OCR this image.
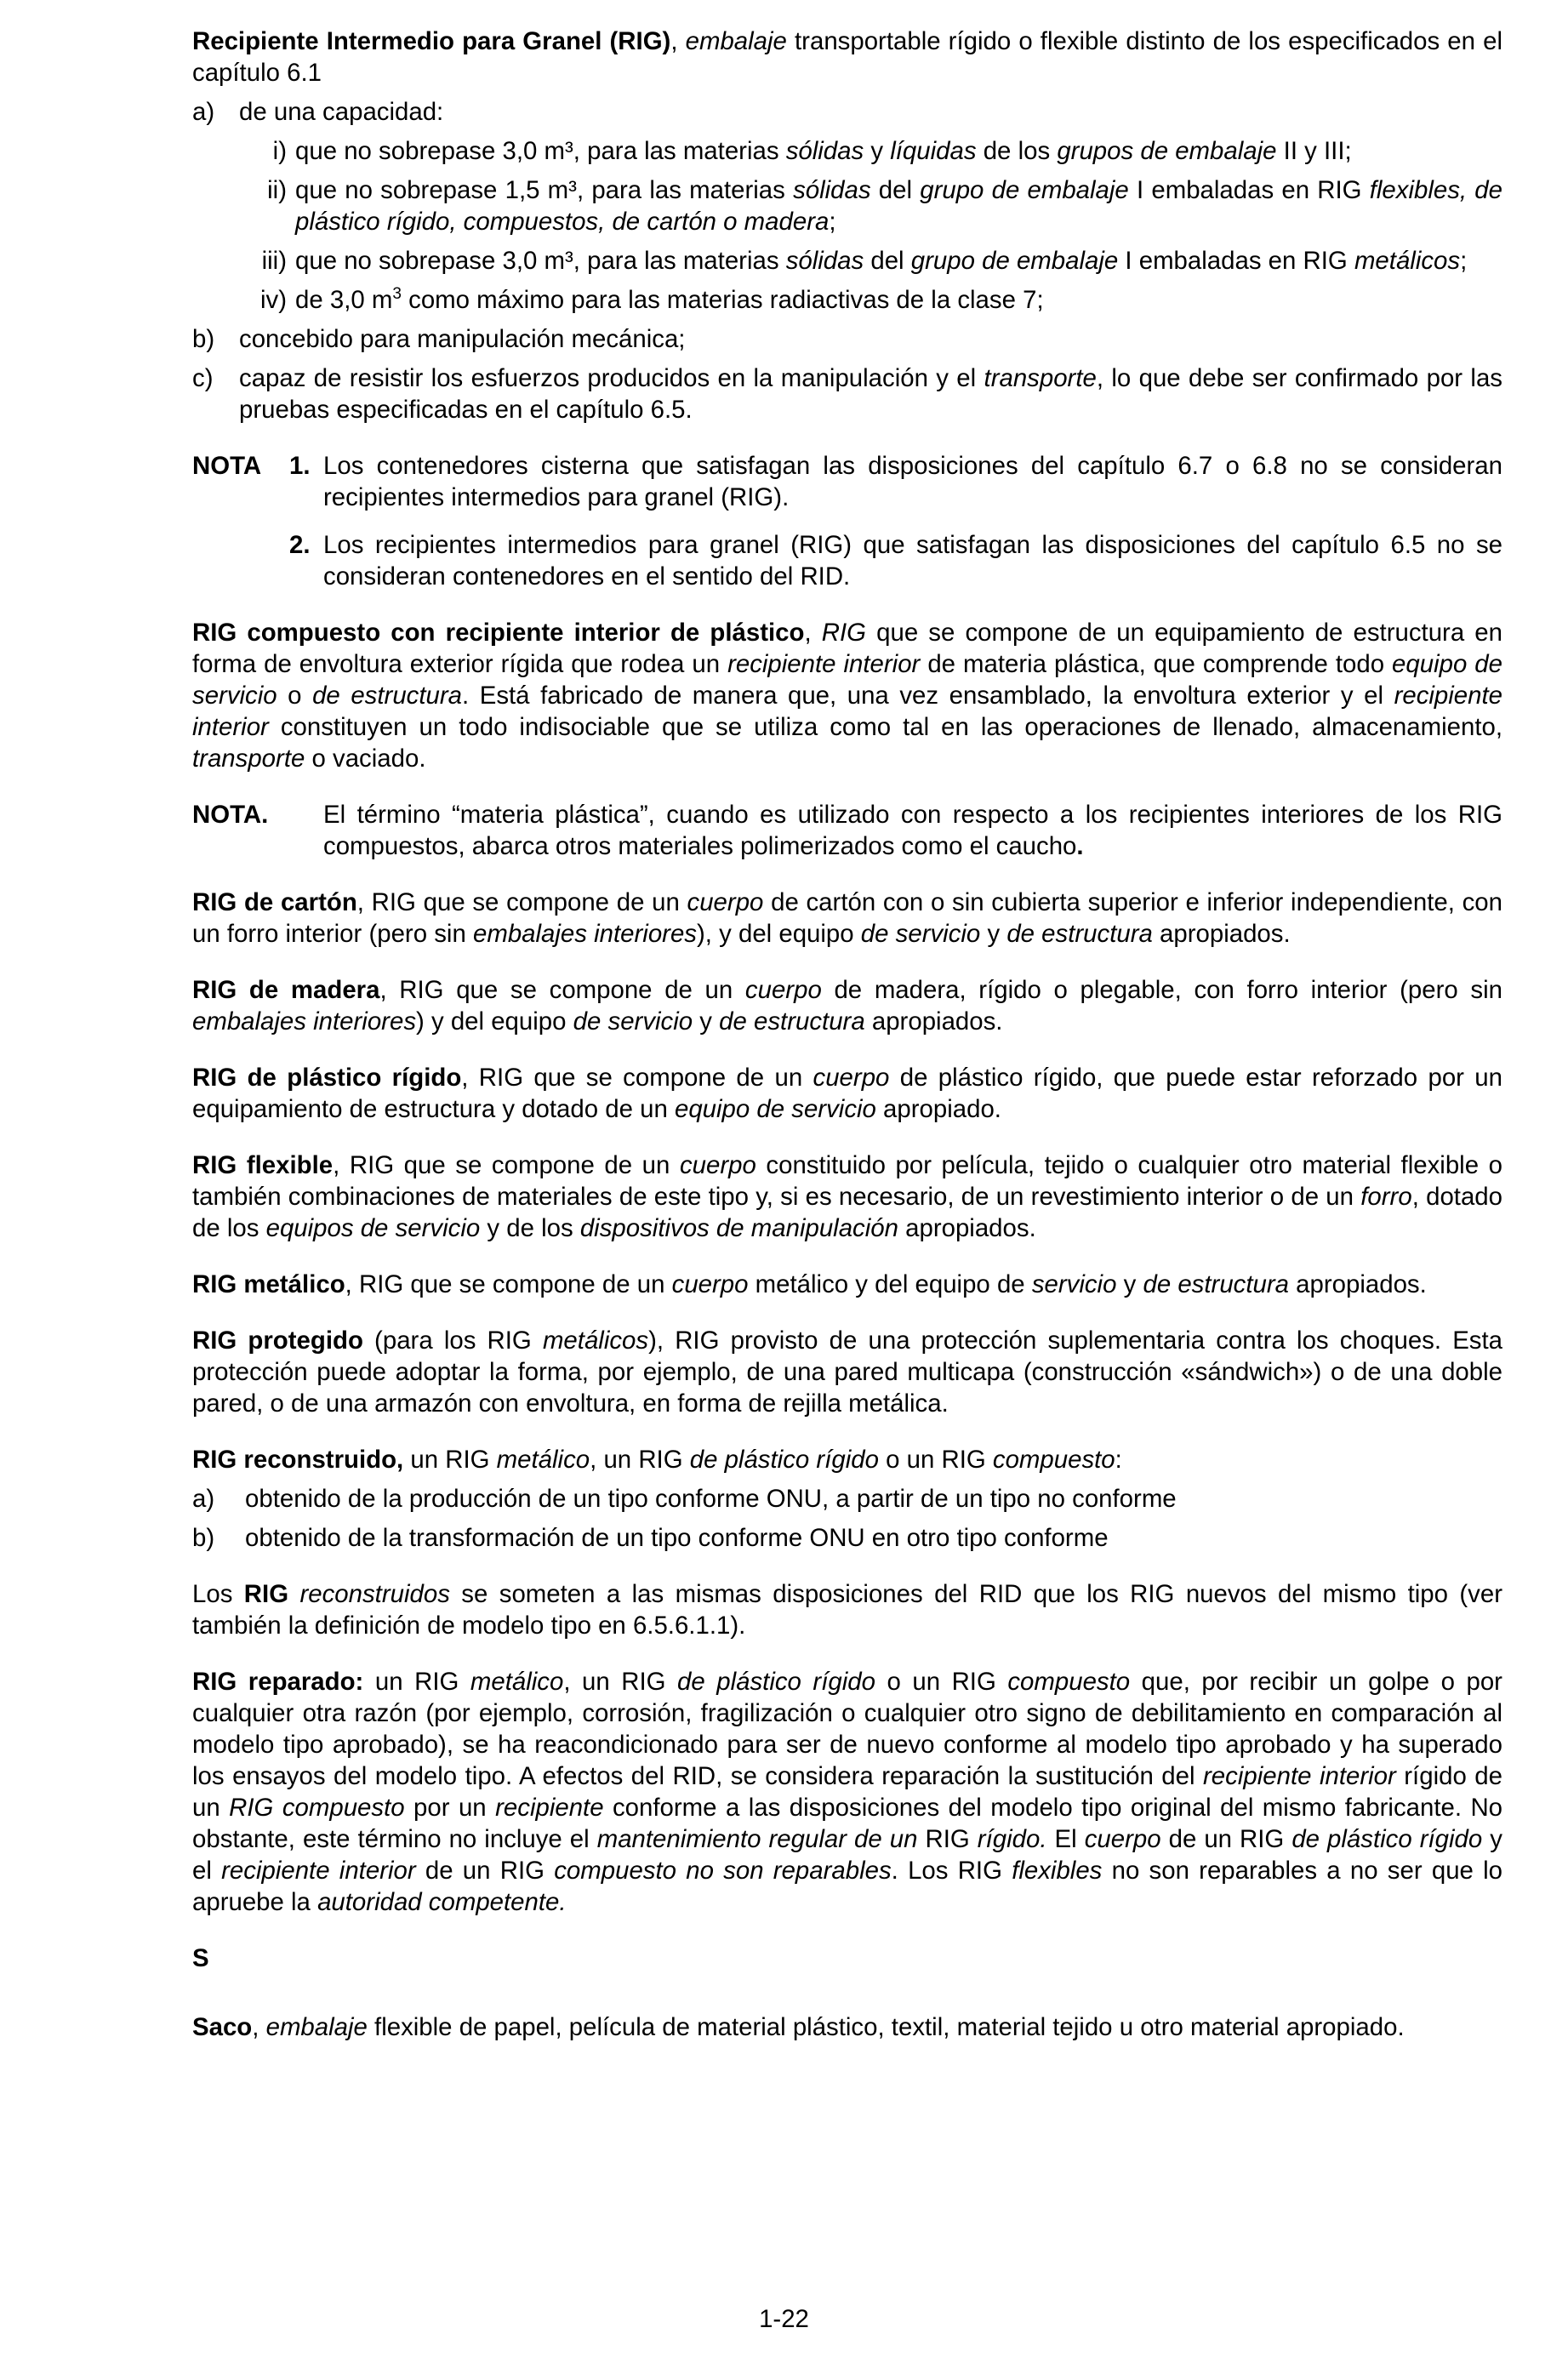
Recipiente Intermedio para Granel (RIG), embalaje transportable rígido o flexible distinto de los especificados en el capítulo 6.1

a) de una capacidad:
i) que no sobrepase 3,0 m³, para las materias sólidas y líquidas de los grupos de embalaje II y III;
ii) que no sobrepase 1,5 m³, para las materias sólidas del grupo de embalaje I embaladas en RIG flexibles, de plástico rígido, compuestos, de cartón o madera;
iii) que no sobrepase 3,0 m³, para las materias sólidas del grupo de embalaje I embaladas en RIG metálicos;
iv) de 3,0 $m^3$ como máximo para las materias radiactivas de la clase 7;
b) concebido para manipulación mecánica;
c)	capaz de resistir los esfuerzos producidos en la manipulación y el transporte, lo que debe ser confirmado por las pruebas especificadas en el capítulo 6.5.
NOTA	1. Los contenedores cisterna que satisfagan las disposiciones del capítulo 6.7 o 6.8 no se consideran recipientes intermedios para granel (RIG).
2. Los recipientes intermedios para granel (RIG) que satisfagan las disposiciones del capítulo 6.5 no se consideran contenedores en el sentido del RID.

RIG compuesto con recipiente interior de plástico, RIG que se compone de un equipamiento de estructura en forma de envoltura exterior rígida que rodea un recipiente interior de materia plástica, que comprende todo equipo de servicio o de estructura. Está fabricado de manera que, una vez ensamblado, la envoltura exterior y el recipiente interior constituyen un todo indisociable que se utiliza como tal en las operaciones de llenado, almacenamiento, transporte o vaciado.

NOTA.	El término “materia plástica”, cuando es utilizado con respecto a los recipientes interiores de los RIG compuestos, abarca otros materiales polimerizados como el caucho.

RIG de cartón, RIG que se compone de un cuerpo de cartón con o sin cubierta superior e inferior independiente, con un forro interior (pero sin embalajes interiores), y del equipo de servicio y de estructura apropiados.

RIG de madera, RIG que se compone de un cuerpo de madera, rígido o plegable, con forro interior (pero sin embalajes interiores) y del equipo de servicio y de estructura apropiados.

RIG de plástico rígido, RIG que se compone de un cuerpo de plástico rígido, que puede estar reforzado por un equipamiento de estructura y dotado de un equipo de servicio apropiado.

RIG flexible, RIG que se compone de un cuerpo constituido por película, tejido o cualquier otro material flexible o también combinaciones de materiales de este tipo y, si es necesario, de un revestimiento interior o de un forro, dotado de los equipos de servicio y de los dispositivos de manipulación apropiados.

RIG metálico, RIG que se compone de un cuerpo metálico y del equipo de servicio y de estructura apropiados.

RIG protegido (para los RIG metálicos), RIG provisto de una protección suplementaria contra los choques. Esta protección puede adoptar la forma, por ejemplo, de una pared multicapa (construcción «sándwich») o de una doble pared, o de una armazón con envoltura, en forma de rejilla metálica.

RIG reconstruido, un RIG metálico, un RIG de plástico rígido o un RIG compuesto:

a)	obtenido de la producción de un tipo conforme ONU, a partir de un tipo no conforme
b)	obtenido de la transformación de un tipo conforme ONU en otro tipo conforme

Los RIG reconstruidos se someten a las mismas disposiciones del RID que los RIG nuevos del mismo tipo (ver también la definición de modelo tipo en 6.5.6.1.1).

RIG reparado: un RIG metálico, un RIG de plástico rígido o un RIG compuesto que, por recibir un golpe o por cualquier otra razón (por ejemplo, corrosión, fragilización o cualquier otro signo de debilitamiento en comparación al modelo tipo aprobado), se ha reacondicionado para ser de nuevo conforme al modelo tipo aprobado y ha superado los ensayos del modelo tipo. A efectos del RID, se considera reparación la sustitución del recipiente interior rígido de un RIG compuesto por un recipiente conforme a las disposiciones del modelo tipo original del mismo fabricante. No obstante, este término no incluye el mantenimiento regular de un RIG rígido. El cuerpo de un RIG de plástico rígido y el recipiente interior de un RIG compuesto no son reparables. Los RIG flexibles no son reparables a no ser que lo apruebe la autoridad competente.

S

Saco, embalaje flexible de papel, película de material plástico, textil, material tejido u otro material apropiado.

1-22
